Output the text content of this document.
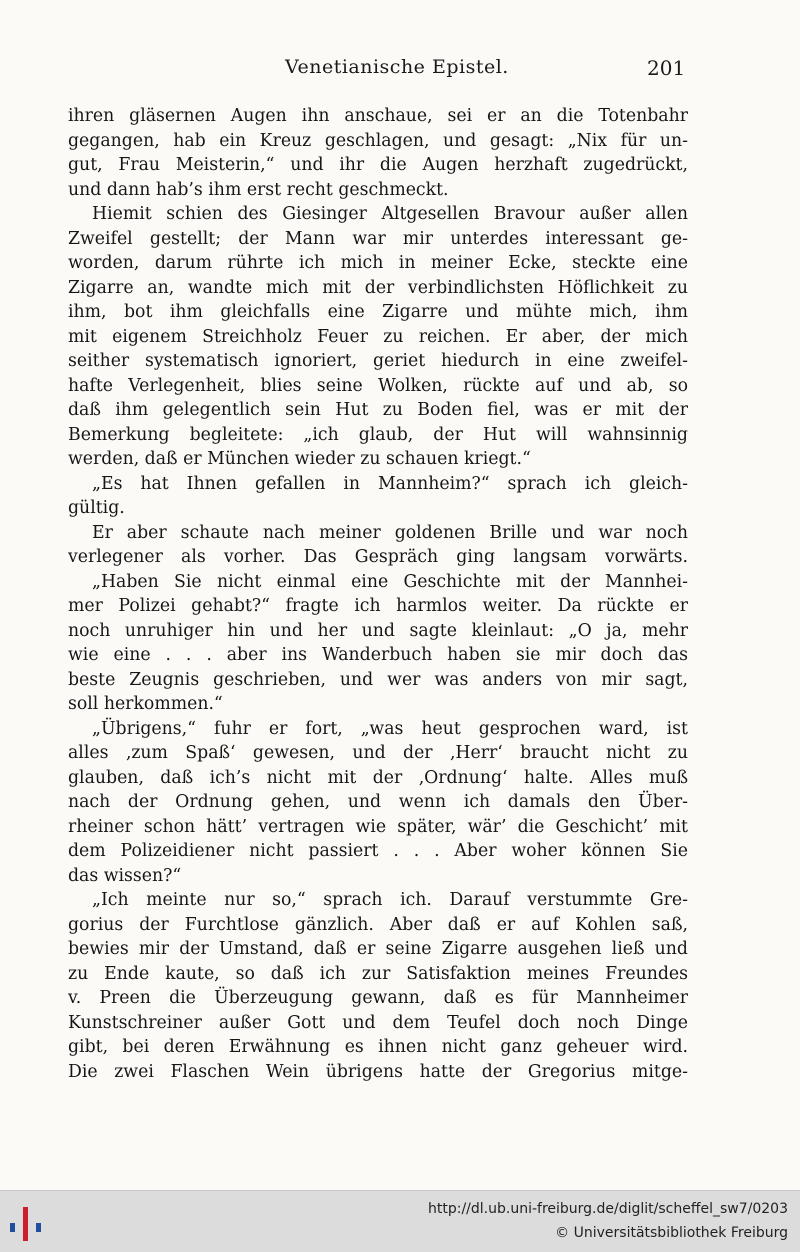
Venetianische Epistel.	201
ihren gläsernen Augen ihn anschaue, sei er an die Totenbahr
gegangen, hab ein Kreuz geschlagen, und gesagt: „Nix für un-
gut, Frau Meisterin,“ und ihr die Augen herzhaft zugedrückt,
und dann hab’s ihm erst recht geschmeckt.
Hiemit schien des Giesinger Altgesellen Bravour außer allen
Zweifel gestellt; der Mann war mir unterdes interessant ge-
worden, darum rührte ich mich in meiner Ecke, steckte eine
Zigarre an, wandte mich mit der verbindlichsten Höflichkeit zu
ihm, bot ihm gleichfalls eine Zigarre und mühte mich, ihm
mit eigenem Streichholz Feuer zu reichen. Er aber, der mich
seither systematisch ignoriert, geriet hiedurch in eine zweifel-
hafte Verlegenheit, blies seine Wolken, rückte auf und ab, so
daß ihm gelegentlich sein Hut zu Boden fiel, was er mit der
Bemerkung begleitete: „ich glaub, der Hut will wahnsinnig
werden, daß er München wieder zu schauen kriegt.“
„Es hat Ihnen gefallen in Mannheim?“ sprach ich gleich-
gültig.
Er aber schaute nach meiner goldenen Brille und war noch
verlegener als vorher. Das Gespräch ging langsam vorwärts.
„Haben Sie nicht einmal eine Geschichte mit der Mannhei-
mer Polizei gehabt?“ fragte ich harmlos weiter. Da rückte er
noch unruhiger hin und her und sagte kleinlaut: „O ja, mehr
wie eine . . . aber ins Wanderbuch haben sie mir doch das
beste Zeugnis geschrieben, und wer was anders von mir sagt,
soll herkommen.“
„Übrigens,“ fuhr er fort, „was heut gesprochen ward, ist
alles ‚zum Spaß‘ gewesen, und der ‚Herr‘ braucht nicht zu
glauben, daß ich’s nicht mit der ‚Ordnung‘ halte. Alles muß
nach der Ordnung gehen, und wenn ich damals den Über-
rheiner schon hätt’ vertragen wie später, wär’ die Geschicht’ mit
dem Polizeidiener nicht passiert . . . Aber woher können Sie
das wissen?“
„Ich meinte nur so,“ sprach ich. Darauf verstummte Gre-
gorius der Furchtlose gänzlich. Aber daß er auf Kohlen saß,
bewies mir der Umstand, daß er seine Zigarre ausgehen ließ und
zu Ende kaute, so daß ich zur Satisfaktion meines Freundes
v. Preen die Überzeugung gewann, daß es für Mannheimer
Kunstschreiner außer Gott und dem Teufel doch noch Dinge
gibt, bei deren Erwähnung es ihnen nicht ganz geheuer wird.
Die zwei Flaschen Wein übrigens hatte der Gregorius mitge-
http://dl.ub.uni-freiburg.de/diglit/scheffel_sw7/0203
© Universitätsbibliothek Freiburg
